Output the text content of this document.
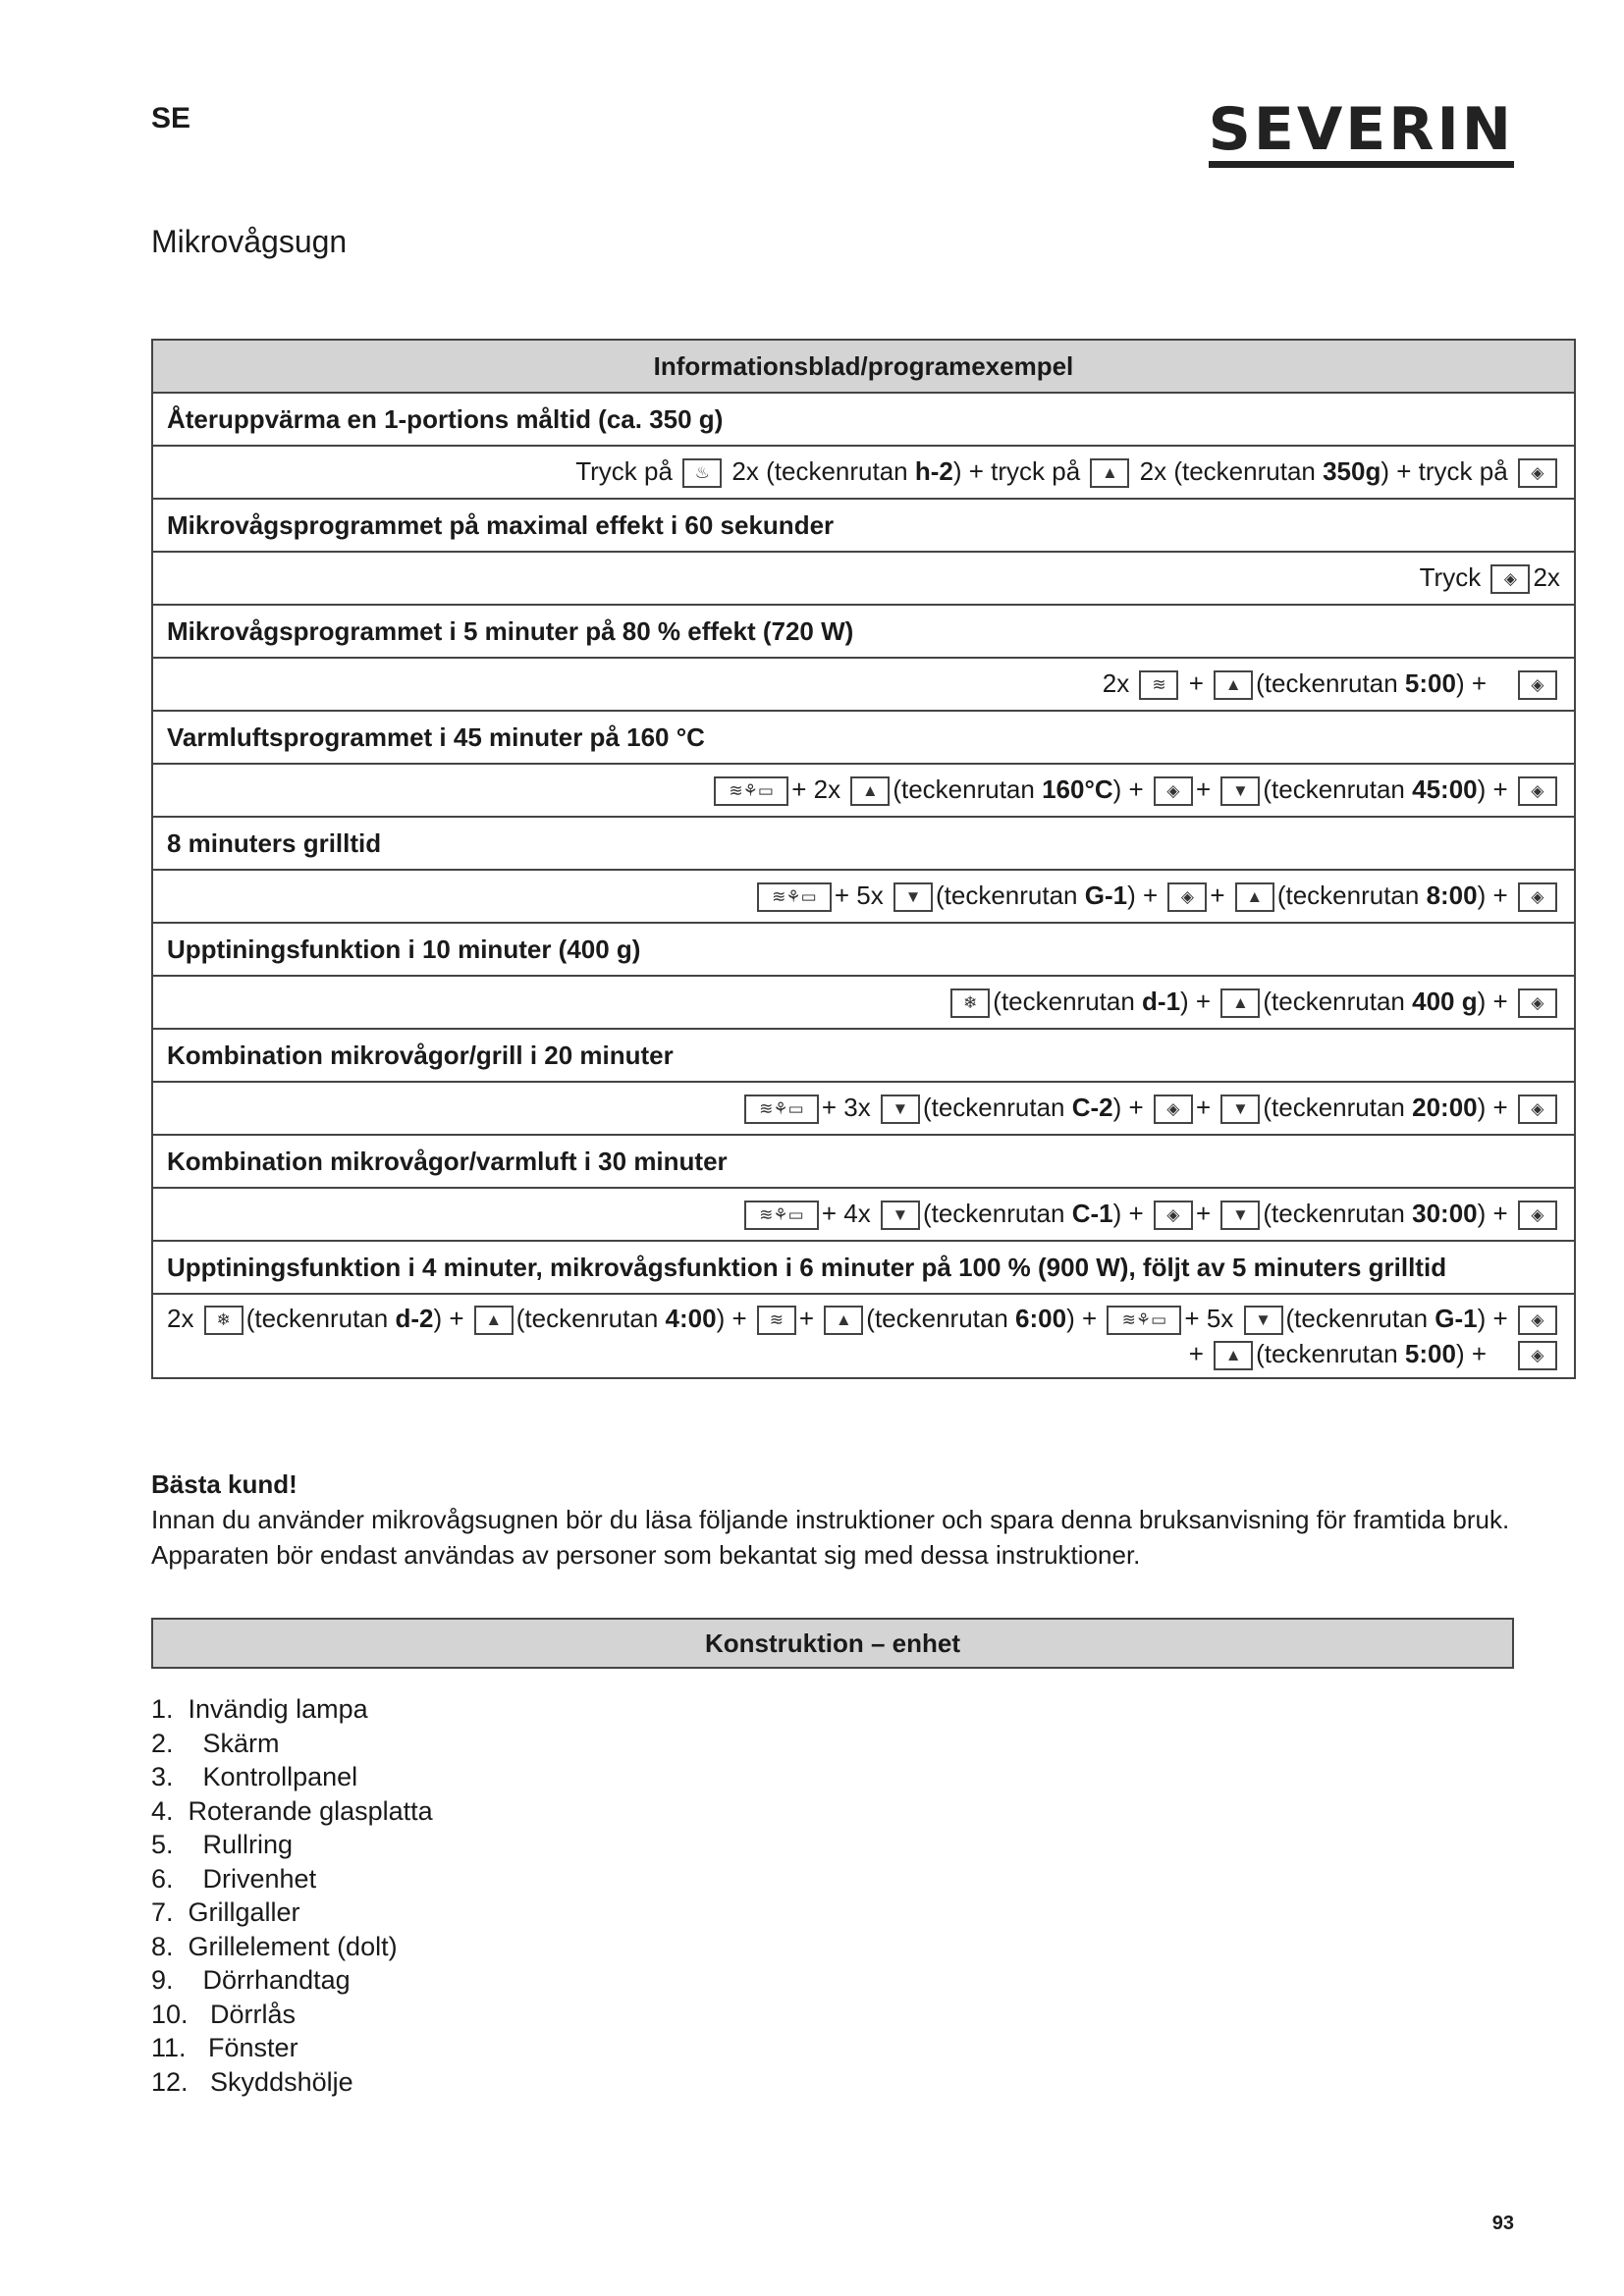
SE	SEVERIN
Mikrovågsugn
Informationsblad/programexempel
Återuppvärma en 1-portions måltid (ca. 350 g)
Tryck på ♨ 2x (teckenrutan h-2) + tryck på ▲ 2x (teckenrutan 350g) + tryck på ◈
Mikrovågsprogrammet på maximal effekt i 60 sekunder
Tryck ◈ 2x
Mikrovågsprogrammet i 5 minuter på 80 % effekt (720 W)
2x ≋ + ▲ (teckenrutan 5:00) +	◈
Varmluftsprogrammet i 45 minuter på 160 °C
≋⚘▭ + 2x ▲ (teckenrutan 160°C) + ◈ + ▼ (teckenrutan 45:00) + ◈
8 minuters grilltid
≋⚘▭ + 5x ▼ (teckenrutan G-1) + ◈ + ▲ (teckenrutan 8:00) + ◈
Upptiningsfunktion i 10 minuter (400 g)
❄ (teckenrutan d-1) + ▲ (teckenrutan 400 g) + ◈
Kombination mikrovågor/grill i 20 minuter
≋⚘▭ + 3x ▼ (teckenrutan C-2) + ◈ + ▼ (teckenrutan 20:00) + ◈
Kombination mikrovågor/varmluft i 30 minuter
≋⚘▭ + 4x ▼ (teckenrutan C-1) + ◈ + ▼ (teckenrutan 30:00) + ◈
Upptiningsfunktion i 4 minuter, mikrovågsfunktion i 6 minuter på 100 % (900 W), följt av 5 minuters grilltid

2x ❄ (teckenrutan d-2) + ▲ (teckenrutan 4:00) + ≋ + ▲ (teckenrutan 6:00) + ≋⚘▭ + 5x ▼ (teckenrutan G-1) + ◈
+ ▲ (teckenrutan 5:00) +	◈
Bästa kund!
Innan du använder mikrovågsugnen bör du läsa följande instruktioner och spara denna bruksanvisning för framtida bruk.
Apparaten bör endast användas av personer som bekantat sig med dessa instruktioner.
Konstruktion – enhet
1.  Invändig lampa
2.    Skärm
3.    Kontrollpanel
4.  Roterande glasplatta
5.    Rullring
6.    Drivenhet
7.  Grillgaller
8.  Grillelement (dolt)
9.    Dörrhandtag
10.   Dörrlås
11.   Fönster
12.   Skyddshölje
93
